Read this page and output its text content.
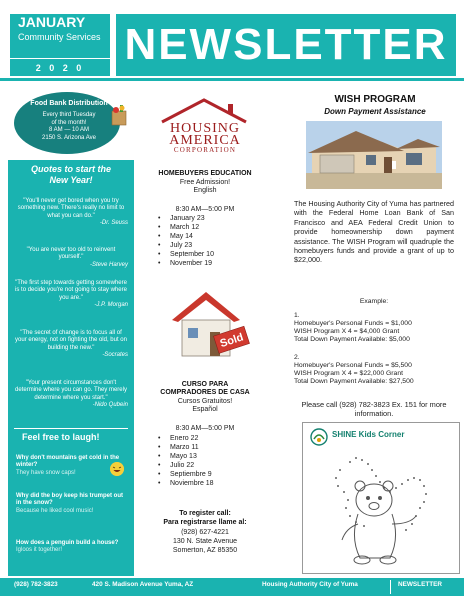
JANUARY
Community Services
2 0 2 0 NEWSLETTER
Food Bank Distribution
Every third Tuesday
of the month!
8 AM — 10 AM
2150 S. Arizona Ave
Quotes to start the
New Year!
"You'll never get bored when you try something new. There's really no limit to what you can do."
-Dr. Seuss
"You are never too old to reinvent yourself."
-Steve Harvey
"The first step towards getting somewhere is to decide you're not going to stay where you are."
-J.P. Morgan
"The secret of change is to focus all of your energy, not on fighting the old, but on building the new."
-Socrates
"Your present circumstances don't determine where you can go. They merely determine where you start."
-Nido Qubein
Feel free to laugh!
Why don't mountains get cold in the winter?
They have snow caps!
Why did the boy keep his trumpet out in the snow?
Because he liked cool music!
How does a penguin build a house?
Igloos it together!
HOUSING
AMERICA
CORPORATION
HOMEBUYERS EDUCATION
Free Admission!
English
8:30 AM—5:00 PM
• January 23
• March 12
• May 14
• July 23
• September 10
• November 19
Sold
CURSO PARA
COMPRADORES DE CASA
Cursos Gratuitos!
Español
8:30 AM—5:00 PM
• Enero 22
• Marzo 11
• Mayo 13
• Julio 22
• Septiembre 9
• Noviembre 18
To register call:
Para registrarse llame al:
(928) 627-4221
130 N. State Avenue
Somerton, AZ 85350
WISH PROGRAM
Down Payment Assistance
The Housing Authority City of Yuma has partnered with the Federal Home Loan Bank of San Francisco and AEA Federal Credit Union to provide homeownership down payment assistance. The WISH Program will quadruple the homebuyers funds and provide a grant of up to $22,000.
Example:
1.
Homebuyer's Personal Funds = $1,000
WISH Program X 4 = $4,000 Grant
Total Down Payment Available: $5,000
2.
Homebuyer's Personal Funds = $5,500
WISH Program X 4 = $22,000 Grant
Total Down Payment Available: $27,500
Please call (928) 782-3823 Ex. 151 for more information.
SHINE Kids Corner
(928) 782-3823	420 S. Madison Avenue Yuma, AZ	Housing Authority City of Yuma	NEWSLETTER
